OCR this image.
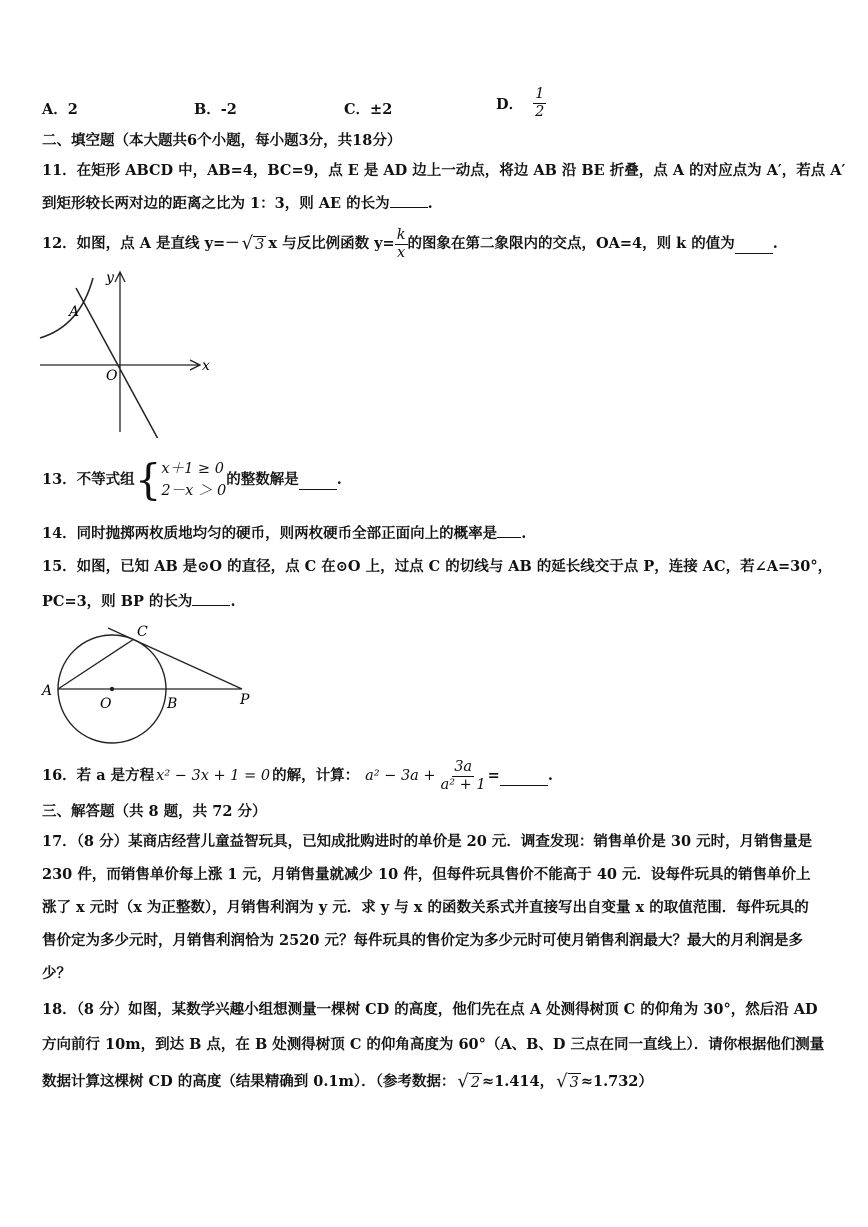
A．2	B．-2	C．±2	D． $\frac{1}{2}$
二、填空题（本大题共6个小题，每小题3分，共18分）
11．在矩形 ABCD 中，AB=4，BC=9，点 E 是 AD 边上一动点，将边 AB 沿 BE 折叠，点 A 的对应点为 A′，若点 A′
到矩形较长两对边的距离之比为 1：3，则 AE 的长为	.
12．如图，点 A 是直线 y=－ √ 3 x 与反比例函数 $y= \frac{k}{x}$ 的图象在第二象限内的交点，OA=4，则 k 的值为	.
y
x
A
O
13．不等式组 { x＋1 ≥ 0
2－x ＞ 0
的整数解是	.
14．同时抛掷两枚质地均匀的硬币，则两枚硬币全部正面向上的概率是 .
15．如图，已知 AB 是⊙O 的直径，点 C 在⊙O 上，过点 C 的切线与 AB 的延长线交于点 P，连接 AC，若∠A=30°，
PC=3，则 BP 的长为	.
A
O	B	P
C
16．若 a 是方程 x² − 3x + 1 = 0 的解，计算： $a^2 - 3a + \frac{3a}{\text{a² + 1}}$ =	.
三、解答题（共 8 题，共 72 分）
17．（8 分）某商店经营儿童益智玩具，已知成批购进时的单价是 20 元．调查发现：销售单价是 30 元时，月销售量是
230 件，而销售单价每上涨 1 元，月销售量就减少 10 件，但每件玩具售价不能高于 40 元．设每件玩具的销售单价上
涨了 x 元时（x 为正整数），月销售利润为 y 元．求 y 与 x 的函数关系式并直接写出自变量 x 的取值范围．每件玩具的
售价定为多少元时，月销售利润恰为 2520 元？每件玩具的售价定为多少元时可使月销售利润最大？最大的月利润是多
少？
18．（8 分）如图，某数学兴趣小组想测量一棵树 CD 的高度，他们先在点 A 处测得树顶 C 的仰角为 30°，然后沿 AD
方向前行 10m，到达 B 点，在 B 处测得树顶 C 的仰角高度为 60°（A、B、D 三点在同一直线上）．请你根据他们测量
数据计算这棵树 CD 的高度（结果精确到 0.1m）．（参考数据： √ 2 ≈1.414， √ 3 ≈1.732）
